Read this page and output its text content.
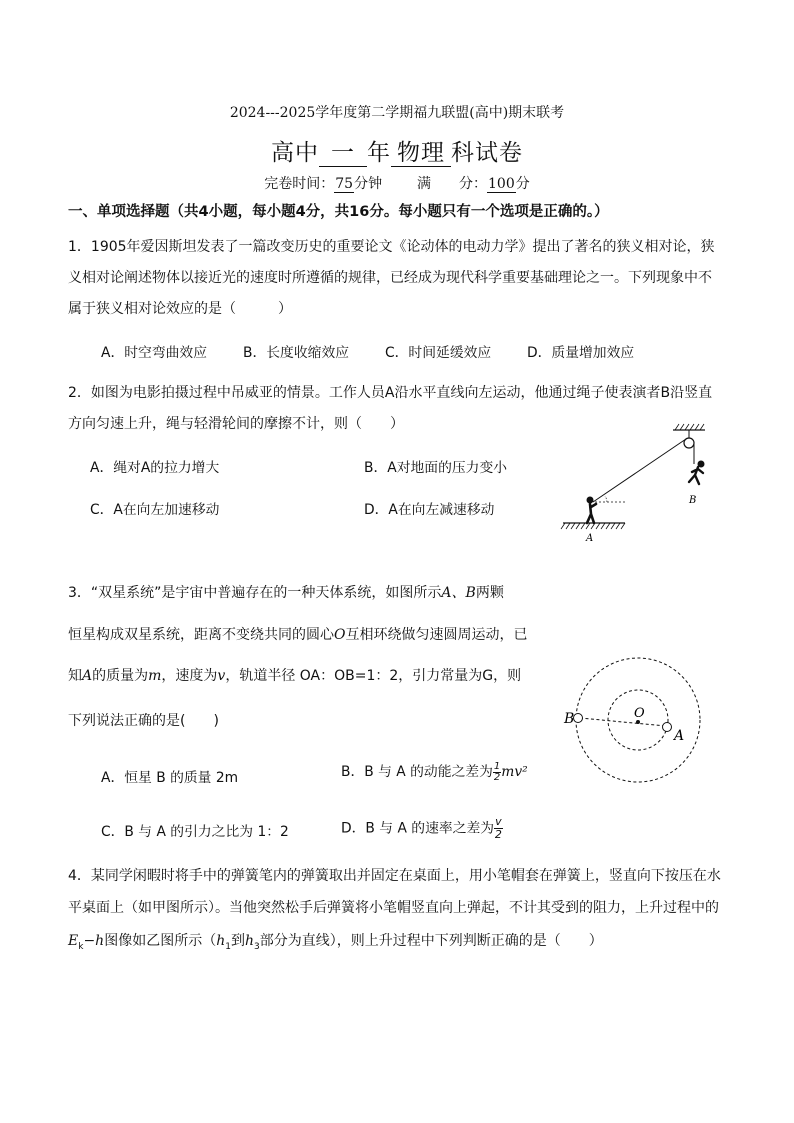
2024---2025学年度第二学期福九联盟(高中)期末联考
高中 一 年 物理 科试卷
完卷时间：75分钟 满　　分：100分
一、单项选择题（共4小题，每小题4分，共16分。每小题只有一个选项是正确的。）
1．1905年爱因斯坦发表了一篇改变历史的重要论文《论动体的电动力学》提出了著名的狭义相对论，狭义相对论阐述物体以接近光的速度时所遵循的规律，已经成为现代科学重要基础理论之一。下列现象中不属于狭义相对论效应的是（　　　）
A．时空弯曲效应	B．长度收缩效应	C．时间延缓效应	D．质量增加效应
2．如图为电影拍摄过程中吊威亚的情景。工作人员A沿水平直线向左运动，他通过绳子使表演者B沿竖直方向匀速上升，绳与轻滑轮间的摩擦不计，则（　　）
A．绳对A的拉力增大	B．A对地面的压力变小
C．A在向左加速移动	D．A在向左减速移动
B
A
3．“双星系统”是宇宙中普遍存在的一种天体系统，如图所示A、B两颗
恒星构成双星系统，距离不变绕共同的圆心O互相环绕做匀速圆周运动，已
知A的质量为m，速度为v，轨道半径 OA：OB=1：2，引力常量为G，则
下列说法正确的是(　　)
A．恒星 B 的质量 2m	B．B 与 A 的动能之差为 $\frac{1}{2} mv^2$
C．B 与 A 的引力之比为 1：2	D．B 与 A 的速率之差为 $\frac{v}{2}$
B	O
A
4．某同学闲暇时将手中的弹簧笔内的弹簧取出并固定在桌面上，用小笔帽套在弹簧上，竖直向下按压在水
平桌面上（如甲图所示）。当他突然松手后弹簧将小笔帽竖直向上弹起，不计其受到的阻力，上升过程中的
$E_k-h$图像如乙图所示（$h_1$到$h_3$部分为直线），则上升过程中下列判断正确的是（　　）
